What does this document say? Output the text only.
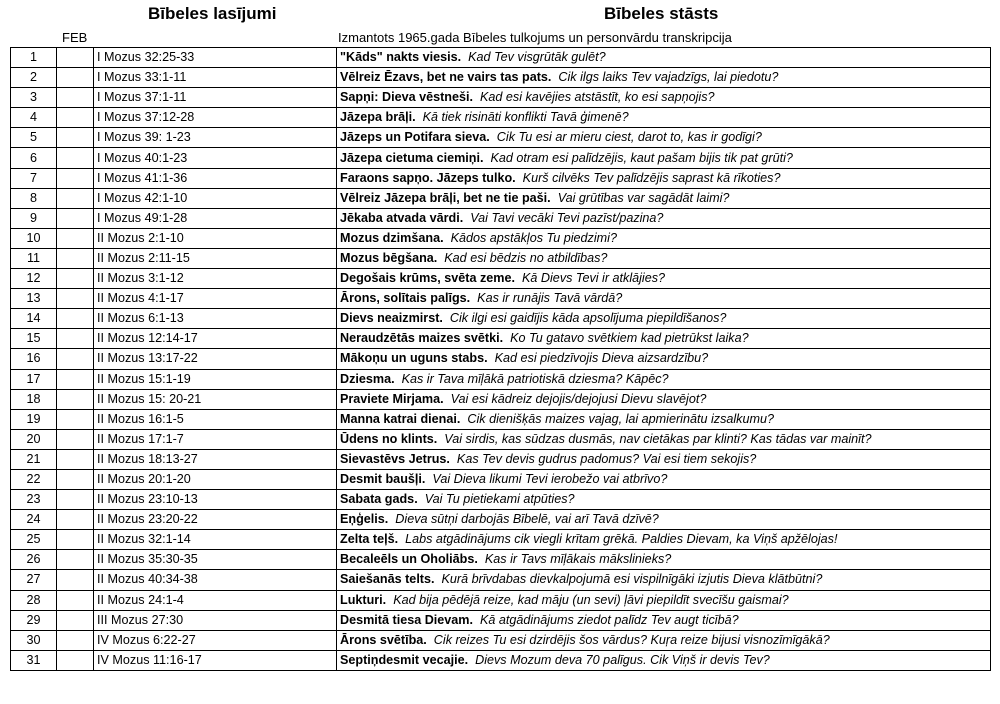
Bībeles lasījumi	Bībeles stāsts
FEB	Izmantots 1965.gada Bībeles tulkojums un personvārdu transkripcija
1		I Mozus 32:25-33	"Kāds" nakts viesis. Kad Tev visgrūtāk gulēt?
2		I Mozus 33:1-11	Vēlreiz Ēzavs, bet ne vairs tas pats. Cik ilgs laiks Tev vajadzīgs, lai piedotu?
3		I Mozus 37:1-11	Sapņi: Dieva vēstneši. Kad esi kavējies atstāstīt, ko esi sapņojis?
4		I Mozus 37:12-28	Jāzepa brāļi. Kā tiek risināti konflikti Tavā ģimenē?
5		I Mozus 39: 1-23	Jāzeps un Potifara sieva. Cik Tu esi ar mieru ciest, darot to, kas ir godīgi?
6		I Mozus 40:1-23	Jāzepa cietuma ciemiņi. Kad otram esi palīdzējis, kaut pašam bijis tik pat grūti?
7		I Mozus 41:1-36	Faraons sapņo. Jāzeps tulko. Kurš cilvēks Tev palīdzējis saprast kā rīkoties?
8		I Mozus 42:1-10	Vēlreiz Jāzepa brāļi, bet ne tie paši. Vai grūtības var sagādāt laimi?
9		I Mozus 49:1-28	Jēkaba atvada vārdi. Vai Tavi vecāki Tevi pazīst/pazina?
10		II Mozus 2:1-10	Mozus dzimšana. Kādos apstākļos Tu piedzimi?
11		II Mozus 2:11-15	Mozus bēgšana. Kad esi bēdzis no atbildības?
12		II Mozus 3:1-12	Degošais krūms, svēta zeme. Kā Dievs Tevi ir atklājies?
13		II Mozus 4:1-17	Ārons, solītais palīgs. Kas ir runājis Tavā vārdā?
14		II Mozus 6:1-13	Dievs neaizmirst. Cik ilgi esi gaidījis kāda apsolījuma piepildīšanos?
15		II Mozus 12:14-17	Neraudzētās maizes svētki. Ko Tu gatavo svētkiem kad pietrūkst laika?
16		II Mozus 13:17-22	Mākoņu un uguns stabs. Kad esi piedzīvojis Dieva aizsardzību?
17		II Mozus 15:1-19	Dziesma. Kas ir Tava mīļākā patriotiskā dziesma? Kāpēc?
18		II Mozus 15: 20-21	Praviete Mirjama. Vai esi kādreiz dejojis/dejojusi Dievu slavējot?
19		II Mozus 16:1-5	Manna katrai dienai. Cik dienišķās maizes vajag, lai apmierinātu izsalkumu?
20		II Mozus 17:1-7	Ūdens no klints. Vai sirdis, kas sūdzas dusmās, nav cietākas par klinti? Kas tādas var mainīt?
21		II Mozus 18:13-27	Sievastēvs Jetrus. Kas Tev devis gudrus padomus? Vai esi tiem sekojis?
22		II Mozus 20:1-20	Desmit baušļi. Vai Dieva likumi Tevi ierobežo vai atbrīvo?
23		II Mozus 23:10-13	Sabata gads. Vai Tu pietiekami atpūties?
24		II Mozus 23:20-22	Eņģelis. Dieva sūtņi darbojās Bībelē, vai arī Tavā dzīvē?
25		II Mozus 32:1-14	Zelta teļš. Labs atgādinājums cik viegli krītam grēkā. Paldies Dievam, ka Viņš apžēlojas!
26		II Mozus 35:30-35	Becaleēls un Oholiābs. Kas ir Tavs mīļākais mākslinieks?
27		II Mozus 40:34-38	Saiešanās telts. Kurā brīvdabas dievkalpojumā esi vispilnīgāki izjutis Dieva klātbūtni?
28		II Mozus 24:1-4	Lukturi. Kad bija pēdējā reize, kad māju (un sevi) ļāvi piepildīt svecīšu gaismai?
29		III Mozus 27:30	Desmitā tiesa Dievam. Kā atgādinājums ziedot palīdz Tev augt ticībā?
30		IV Mozus 6:22-27	Ārons svētība. Cik reizes Tu esi dzirdējis šos vārdus? Kuŗa reize bijusi visnozīmīgākā?
31		IV Mozus 11:16-17	Septiņdesmit vecajie. Dievs Mozum deva 70 palīgus. Cik Viņš ir devis Tev?
